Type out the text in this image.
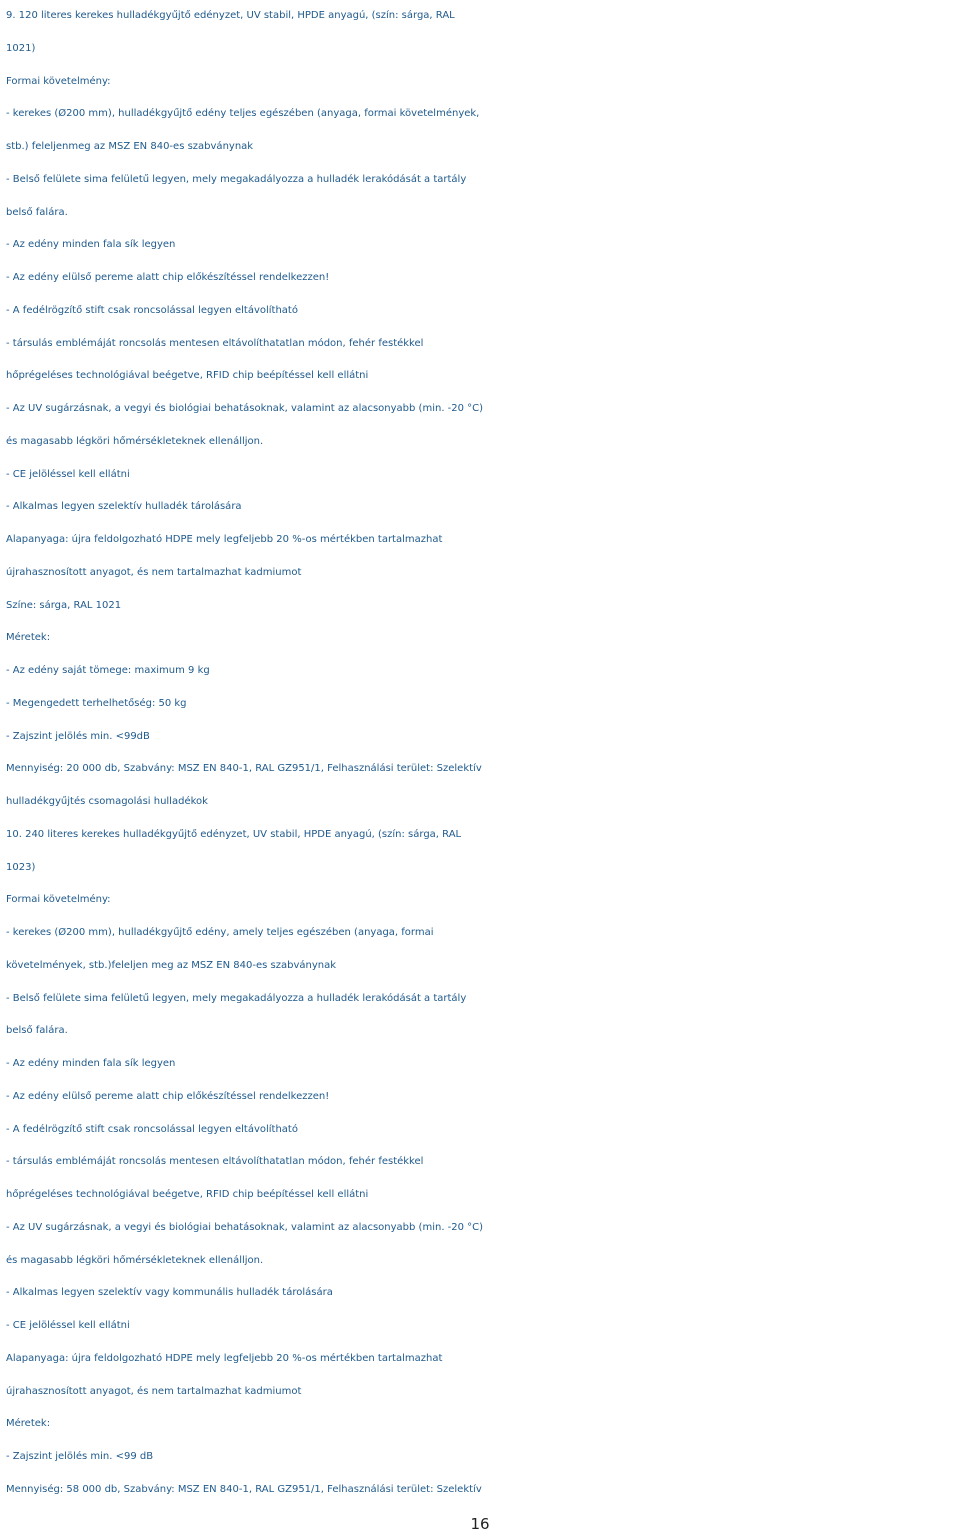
9. 120 literes kerekes hulladékgyűjtő edényzet, UV stabil, HPDE anyagú, (szín: sárga, RAL
1021)
Formai követelmény:
- kerekes (Ø200 mm), hulladékgyűjtő edény teljes egészében (anyaga, formai követelmények,
stb.) feleljenmeg az MSZ EN 840-es szabványnak
- Belső felülete sima felületű legyen, mely megakadályozza a hulladék lerakódását a tartály
belső falára.
- Az edény minden fala sík legyen
- Az edény elülső pereme alatt chip előkészítéssel rendelkezzen!
- A fedélrögzítő stift csak roncsolással legyen eltávolítható
- társulás emblémáját roncsolás mentesen eltávolíthatatlan módon, fehér festékkel
hőprégeléses technológiával beégetve, RFID chip beépítéssel kell ellátni
- Az UV sugárzásnak, a vegyi és biológiai behatásoknak, valamint az alacsonyabb (min. -20 °C)
és magasabb légköri hőmérsékleteknek ellenálljon.
- CE jelöléssel kell ellátni
- Alkalmas legyen szelektív hulladék tárolására
Alapanyaga: újra feldolgozható HDPE mely legfeljebb 20 %-os mértékben tartalmazhat
újrahasznosított anyagot, és nem tartalmazhat kadmiumot
Színe: sárga, RAL 1021
Méretek:
- Az edény saját tömege: maximum 9 kg
- Megengedett terhelhetőség: 50 kg
- Zajszint jelölés min. <99dB
Mennyiség: 20 000 db, Szabvány: MSZ EN 840-1, RAL GZ951/1, Felhasználási terület: Szelektív
hulladékgyűjtés csomagolási hulladékok
10. 240 literes kerekes hulladékgyűjtő edényzet, UV stabil, HPDE anyagú, (szín: sárga, RAL
1023)
Formai követelmény:
- kerekes (Ø200 mm), hulladékgyűjtő edény, amely teljes egészében (anyaga, formai
követelmények, stb.)feleljen meg az MSZ EN 840-es szabványnak
- Belső felülete sima felületű legyen, mely megakadályozza a hulladék lerakódását a tartály
belső falára.
- Az edény minden fala sík legyen
- Az edény elülső pereme alatt chip előkészítéssel rendelkezzen!
- A fedélrögzítő stift csak roncsolással legyen eltávolítható
- társulás emblémáját roncsolás mentesen eltávolíthatatlan módon, fehér festékkel
hőprégeléses technológiával beégetve, RFID chip beépítéssel kell ellátni
- Az UV sugárzásnak, a vegyi és biológiai behatásoknak, valamint az alacsonyabb (min. -20 °C)
és magasabb légköri hőmérsékleteknek ellenálljon.
- Alkalmas legyen szelektív vagy kommunális hulladék tárolására
- CE jelöléssel kell ellátni
Alapanyaga: újra feldolgozható HDPE mely legfeljebb 20 %-os mértékben tartalmazhat
újrahasznosított anyagot, és nem tartalmazhat kadmiumot
Méretek:
- Zajszint jelölés min. <99 dB
Mennyiség: 58 000 db, Szabvány: MSZ EN 840-1, RAL GZ951/1, Felhasználási terület: Szelektív
16
